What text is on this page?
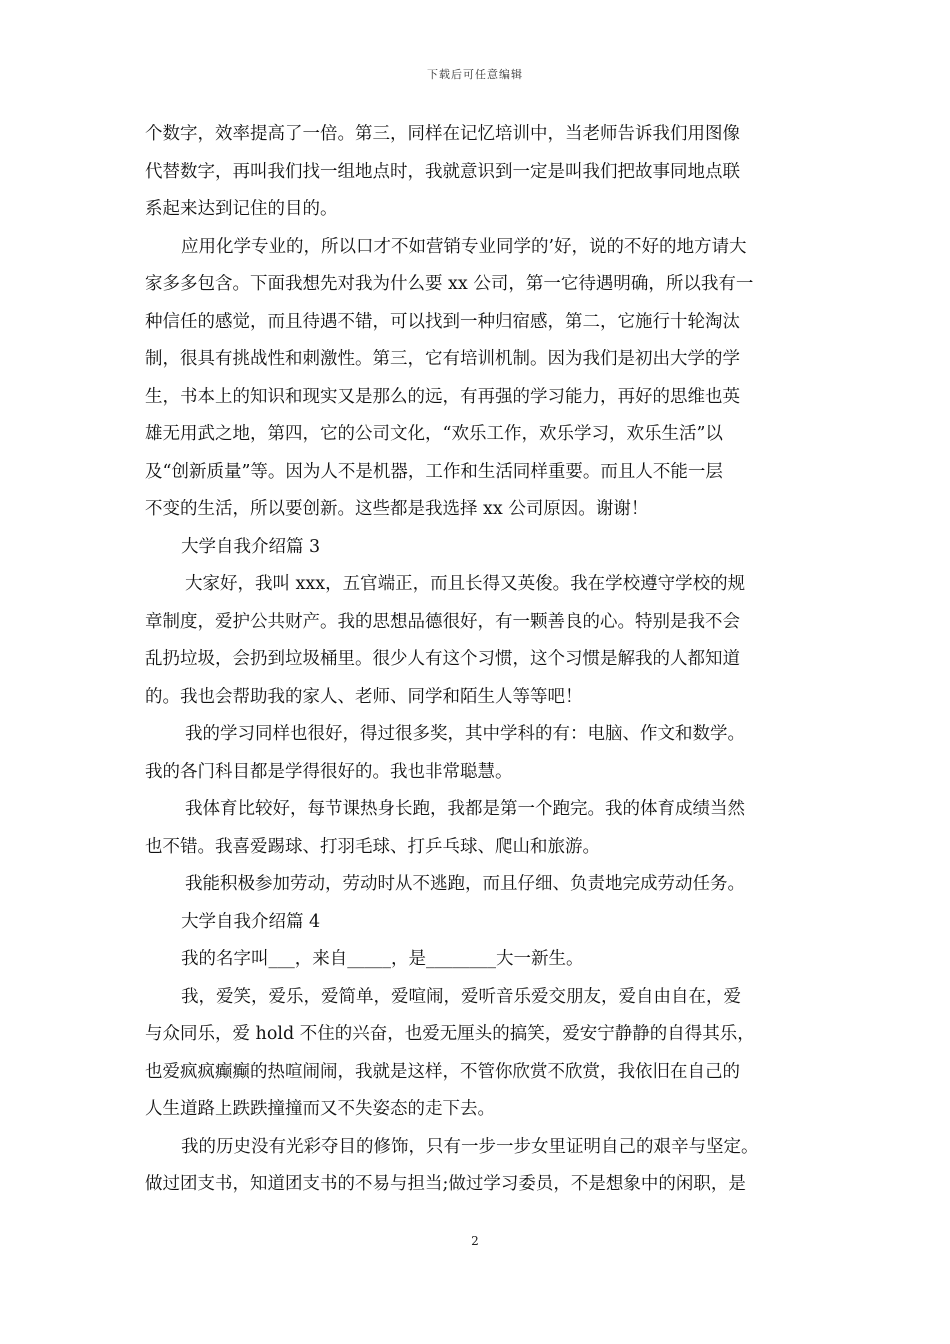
下载后可任意编辑
个数字，效率提高了一倍。第三，同样在记忆培训中，当老师告诉我们用图像
代替数字，再叫我们找一组地点时，我就意识到一定是叫我们把故事同地点联
系起来达到记住的目的。
应用化学专业的，所以口才不如营销专业同学的’好，说的不好的地方请大
家多多包含。下面我想先对我为什么要 xx 公司，第一它待遇明确，所以我有一
种信任的感觉，而且待遇不错，可以找到一种归宿感，第二，它施行十轮淘汰
制，很具有挑战性和刺激性。第三，它有培训机制。因为我们是初出大学的学
生，书本上的知识和现实又是那么的远，有再强的学习能力，再好的思维也英
雄无用武之地，第四，它的公司文化，“欢乐工作，欢乐学习，欢乐生活”以
及“创新质量”等。因为人不是机器，工作和生活同样重要。而且人不能一层
不变的生活，所以要创新。这些都是我选择 xx 公司原因。谢谢！
大学自我介绍篇 3
大家好，我叫 xxx，五官端正，而且长得又英俊。我在学校遵守学校的规
章制度，爱护公共财产。我的思想品德很好，有一颗善良的心。特别是我不会
乱扔垃圾，会扔到垃圾桶里。很少人有这个习惯，这个习惯是解我的人都知道
的。我也会帮助我的家人、老师、同学和陌生人等等吧！
我的学习同样也很好，得过很多奖，其中学科的有：电脑、作文和数学。
我的各门科目都是学得很好的。我也非常聪慧。
我体育比较好，每节课热身长跑，我都是第一个跑完。我的体育成绩当然
也不错。我喜爱踢球、打羽毛球、打乒乓球、爬山和旅游。
我能积极参加劳动，劳动时从不逃跑，而且仔细、负责地完成劳动任务。
大学自我介绍篇 4
我的名字叫___，来自_____，是________大一新生。
我，爱笑，爱乐，爱简单，爱喧闹，爱听音乐爱交朋友，爱自由自在，爱
与众同乐，爱 hold 不住的兴奋，也爱无厘头的搞笑，爱安宁静静的自得其乐，
也爱疯疯癫癫的热喧闹闹，我就是这样，不管你欣赏不欣赏，我依旧在自己的
人生道路上跌跌撞撞而又不失姿态的走下去。
我的历史没有光彩夺目的修饰，只有一步一步女里证明自己的艰辛与坚定。
做过团支书，知道团支书的不易与担当;做过学习委员，不是想象中的闲职，是
2
